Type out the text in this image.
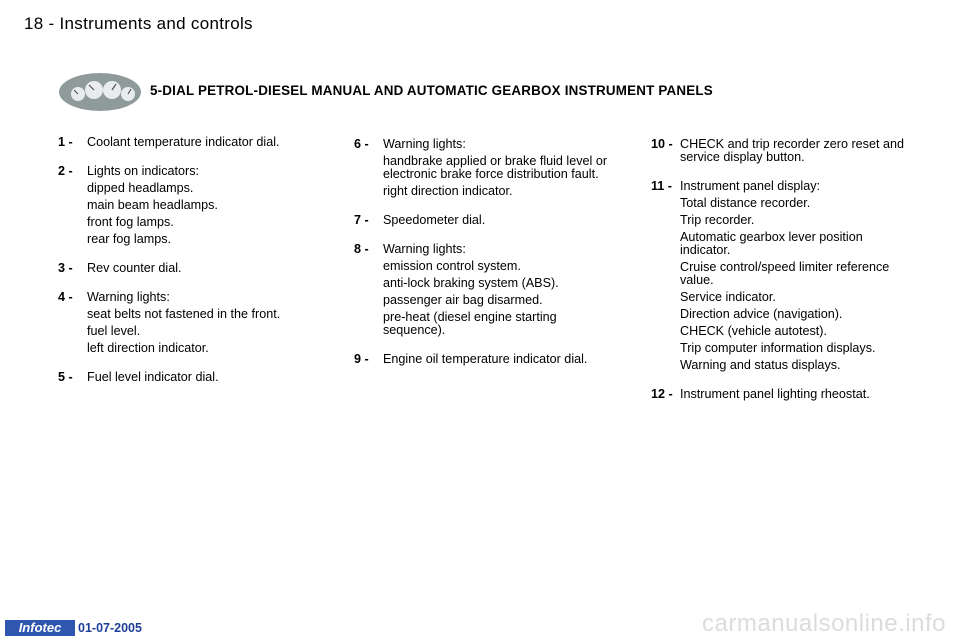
18 - Instruments and controls
5-DIAL PETROL-DIESEL MANUAL AND AUTOMATIC GEARBOX INSTRUMENT PANELS
1 -	Coolant temperature indicator dial.
2 -	Lights on indicators:
dipped headlamps.
main beam headlamps.
front fog lamps.
rear fog lamps.
3 -	Rev counter dial.
4 -	Warning lights:
seat belts not fastened in the front.
fuel level.
left direction indicator.
5 -	Fuel level indicator dial.
6 -	Warning lights:
handbrake applied or brake fluid level or electronic brake force distribution fault.
right direction indicator.
7 -	Speedometer dial.
8 -	Warning lights:
emission control system.
anti-lock braking system (ABS).
passenger air bag disarmed.
pre-heat (diesel engine starting sequence).
9 -	Engine oil temperature indicator dial.
10 - CHECK and trip recorder zero reset and service display button.
11 - Instrument panel display:
Total distance recorder.
Trip recorder.
Automatic gearbox lever position indicator.
Cruise control/speed limiter reference value.
Service indicator.
Direction advice (navigation).
CHECK (vehicle autotest).
Trip computer information displays.
Warning and status displays.
12 - Instrument panel lighting rheostat.
Infotec	01-07-2005	carmanualsonline.info
